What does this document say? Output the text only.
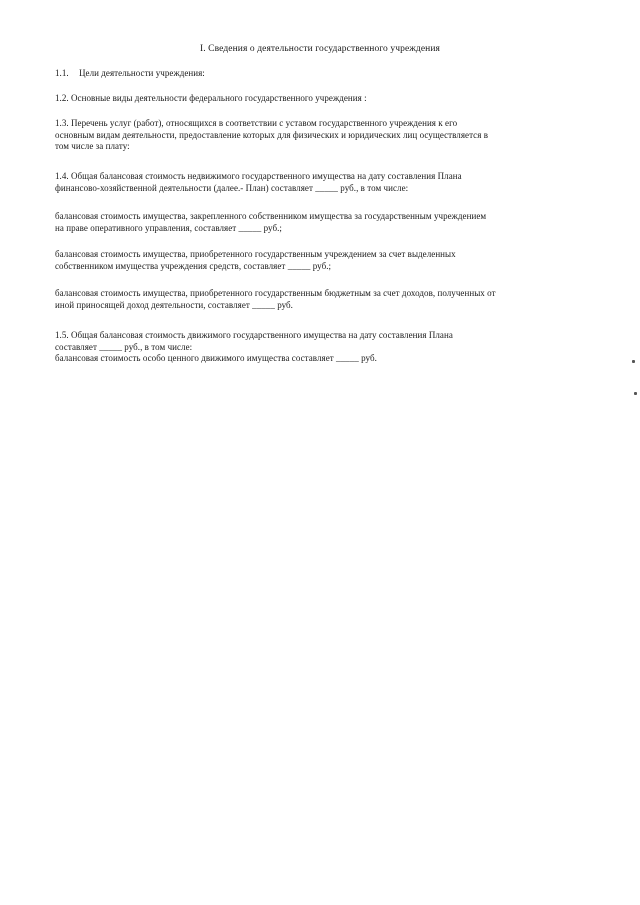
I. Сведения о деятельности государственного учреждения
1.1. Цели деятельности учреждения:
1.2. Основные виды деятельности федерального государственного учреждения :
1.3. Перечень услуг (работ), относящихся в соответствии с уставом государственного учреждения к его
основным видам деятельности, предоставление которых для физических и юридических лиц осуществляется в
том числе за плату:
1.4. Общая балансовая стоимость недвижимого государственного имущества на дату составления Плана
финансово-хозяйственной деятельности (далее.- План) составляет _____ руб., в том числе:
балансовая стоимость имущества, закрепленного собственником имущества за государственным учреждением
на праве оперативного управления, составляет _____ руб.;
балансовая стоимость имущества, приобретенного государственным учреждением за счет выделенных
собственником имущества учреждения средств, составляет _____ руб.;
балансовая стоимость имущества, приобретенного государственным бюджетным за счет доходов, полученных от
иной приносящей доход деятельности, составляет _____ руб.
1.5. Общая балансовая стоимость движимого государственного имущества на дату составления Плана
составляет _____ руб., в том числе:
балансовая стоимость особо ценного движимого имущества составляет _____ руб.
